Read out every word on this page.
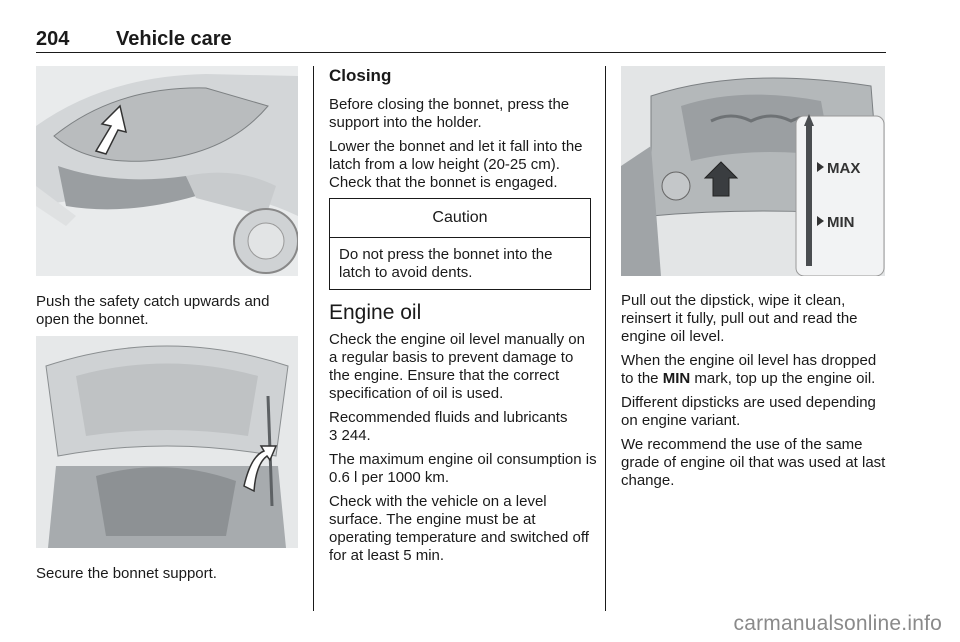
204 Vehicle care
Push the safety catch upwards and open the bonnet.
Secure the bonnet support.
Closing

Before closing the bonnet, press the support into the holder.

Lower the bonnet and let it fall into the latch from a low height (20-25 cm). Check that the bonnet is engaged.

Caution
Do not press the bonnet into the latch to avoid dents.
Engine oil

Check the engine oil level manually on a regular basis to prevent damage to the engine. Ensure that the correct specification of oil is used.

Recommended fluids and lubricants
3 244.

The maximum engine oil consumption is 0.6 l per 1000 km.

Check with the vehicle on a level surface. The engine must be at operating temperature and switched off for at least 5 min.

MAX
MIN

Pull out the dipstick, wipe it clean, reinsert it fully, pull out and read the engine oil level.

When the engine oil level has dropped to the MIN mark, top up the engine oil.

Different dipsticks are used depending on engine variant.

We recommend the use of the same grade of engine oil that was used at last change.

carmanualsonline.info
